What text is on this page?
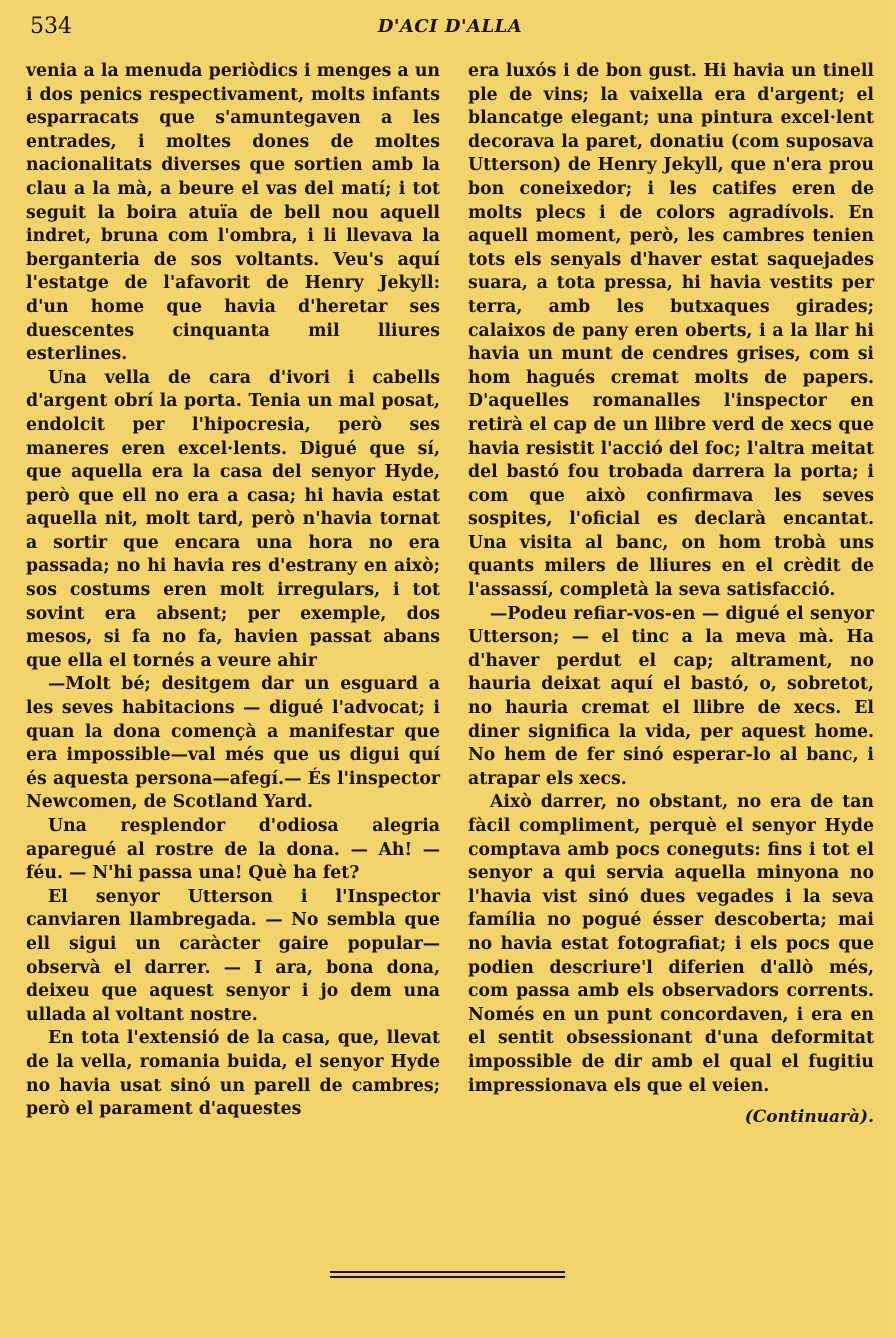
534	D'ACI D'ALLA

venia a la menuda periòdics i menges a un i dos penics respectivament, molts infants esparracats que s'amuntegaven a les entrades, i moltes dones de moltes nacionalitats diverses que sortien amb la clau a la mà, a beure el vas del matí; i tot seguit la boira atuïa de bell nou aquell indret, bruna com l'ombra, i li llevava la berganteria de sos voltants. Veu's aquí l'estatge de l'afavorit de Henry Jekyll: d'un home que havia d'heretar ses duescentes cinquanta mil lliures esterlines.

Una vella de cara d'ivori i cabells d'argent obrí la porta. Tenia un mal posat, endolcit per l'hipocresia, però ses maneres eren excel·lents. Digué que sí, que aquella era la casa del senyor Hyde, però que ell no era a casa; hi havia estat aquella nit, molt tard, però n'havia tornat a sortir que encara una hora no era passada; no hi havia res d'estrany en això; sos costums eren molt irregulars, i tot sovint era absent; per exemple, dos mesos, si fa no fa, havien passat abans que ella el tornés a veure ahir

—Molt bé; desitgem dar un esguard a les seves habitacions — digué l'advocat; i quan la dona començà a manifestar que era impossible—val més que us digui quí és aquesta persona—afegí.— És l'inspector Newcomen, de Scotland Yard.

Una resplendor d'odiosa alegria aparegué al rostre de la dona. — Ah! — féu. — N'hi passa una! Què ha fet?

El senyor Utterson i l'Inspector canviaren llambregada. — No sembla que ell sigui un caràcter gaire popular—observà el darrer. — I ara, bona dona, deixeu que aquest senyor i jo dem una ullada al voltant nostre.

En tota l'extensió de la casa, que, llevat de la vella, romania buida, el senyor Hyde no havia usat sinó un parell de cambres; però el parament d'aquestes

era luxós i de bon gust. Hi havia un tinell ple de vins; la vaixella era d'argent; el blancatge elegant; una pintura excel·lent decorava la paret, donatiu (com suposava Utterson) de Henry Jekyll, que n'era prou bon coneixedor; i les catifes eren de molts plecs i de colors agradívols. En aquell moment, però, les cambres tenien tots els senyals d'haver estat saquejades suara, a tota pressa, hi havia vestits per terra, amb les butxaques girades; calaixos de pany eren oberts, i a la llar hi havia un munt de cendres grises, com si hom hagués cremat molts de papers. D'aquelles romanalles l'inspector en retirà el cap de un llibre verd de xecs que havia resistit l'acció del foc; l'altra meitat del bastó fou trobada darrera la porta; i com que això confirmava les seves sospites, l'oficial es declarà encantat. Una visita al banc, on hom trobà uns quants milers de lliures en el crèdit de l'assassí, completà la seva satisfacció.

—Podeu refiar-vos-en — digué el senyor Utterson; — el tinc a la meva mà. Ha d'haver perdut el cap; altrament, no hauria deixat aquí el bastó, o, sobretot, no hauria cremat el llibre de xecs. El diner significa la vida, per aquest home. No hem de fer sinó esperar-lo al banc, i atrapar els xecs.

Això darrer, no obstant, no era de tan fàcil compliment, perquè el senyor Hyde comptava amb pocs coneguts: fins i tot el senyor a qui servia aquella minyona no l'havia vist sinó dues vegades i la seva família no pogué ésser descoberta; mai no havia estat fotografiat; i els pocs que podien descriure'l diferien d'allò més, com passa amb els observadors corrents. Només en un punt concordaven, i era en el sentit obsessionant d'una deformitat impossible de dir amb el qual el fugitiu impressionava els que el veien.

(Continuarà).
